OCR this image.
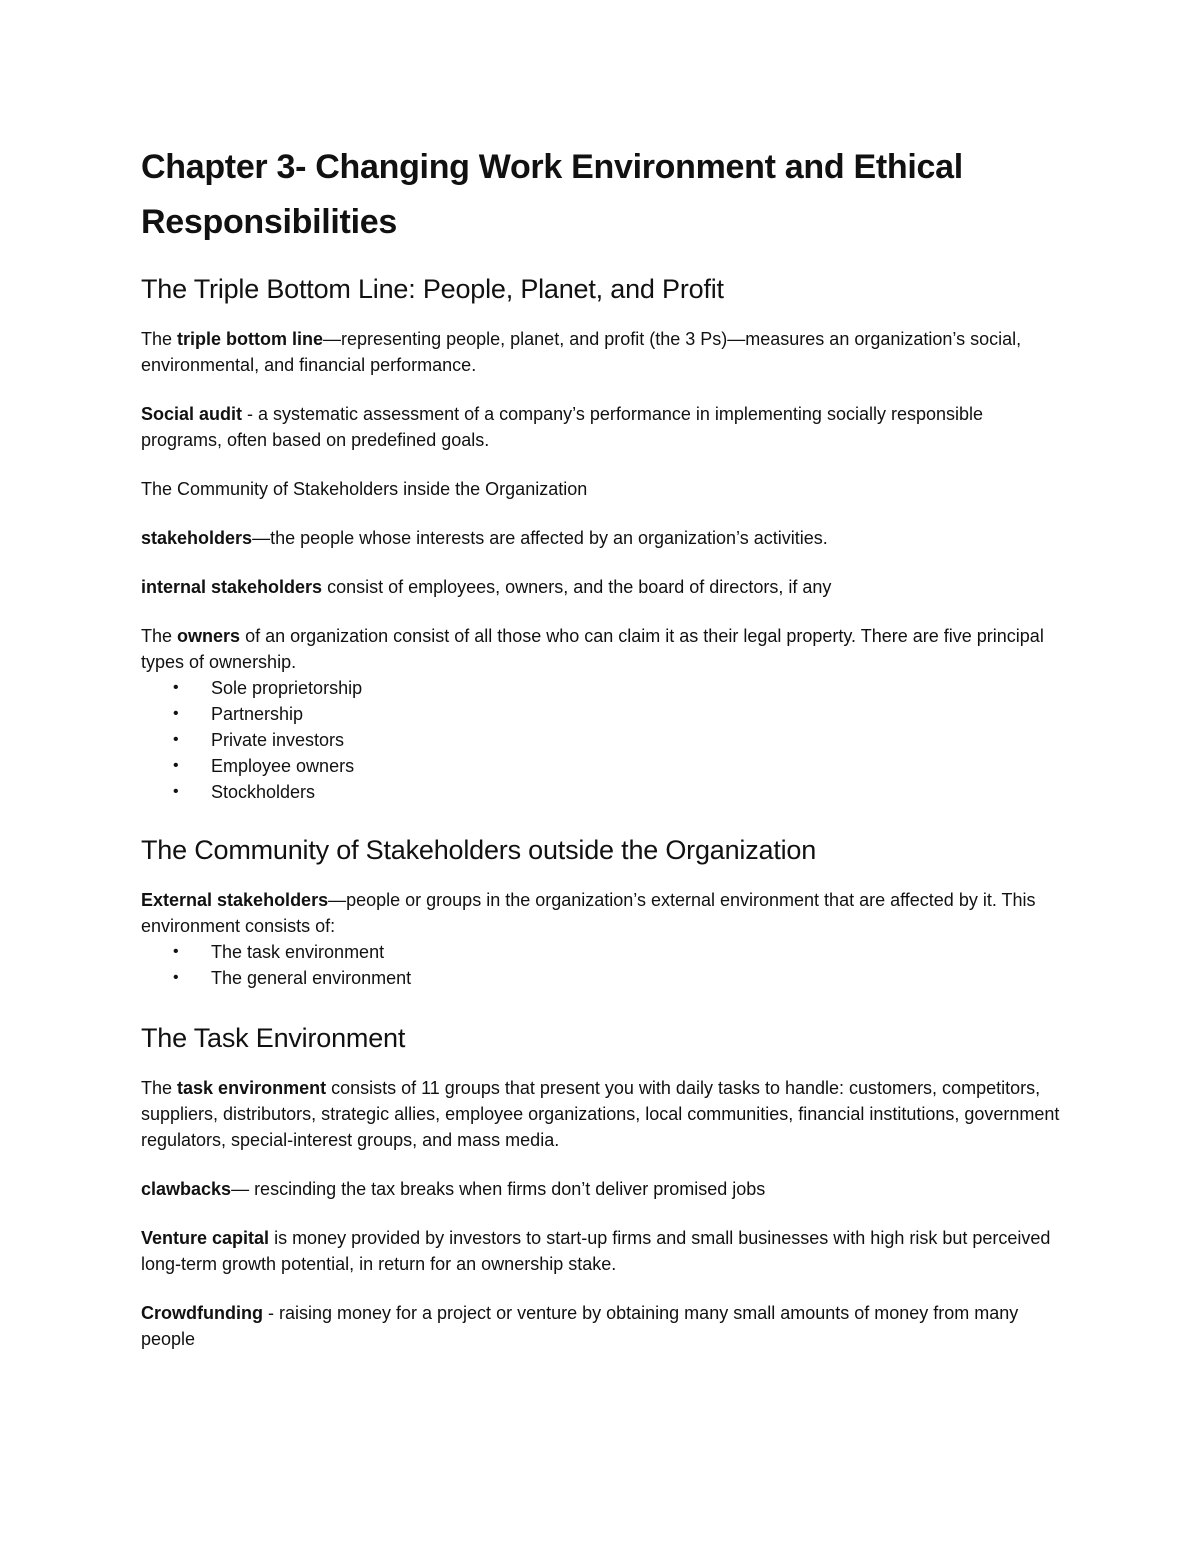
Chapter 3- Changing Work Environment and Ethical Responsibilities
The Triple Bottom Line: People, Planet, and Profit

The triple bottom line—representing people, planet, and profit (the 3 Ps)—measures an organization’s social, environmental, and financial performance.

Social audit - a systematic assessment of a company’s performance in implementing socially responsible programs, often based on predefined goals.

The Community of Stakeholders inside the Organization

stakeholders—the people whose interests are affected by an organization’s activities.

internal stakeholders consist of employees, owners, and the board of directors, if any

The owners of an organization consist of all those who can claim it as their legal property. There are five principal types of ownership.

• Sole proprietorship
• Partnership
• Private investors
• Employee owners
• Stockholders
The Community of Stakeholders outside the Organization

External stakeholders—people or groups in the organization’s external environment that are affected by it. This environment consists of:

• The task environment
• The general environment
The Task Environment

The task environment consists of 11 groups that present you with daily tasks to handle: customers, competitors, suppliers, distributors, strategic allies, employee organizations, local communities, financial institutions, government regulators, special-interest groups, and mass media.

clawbacks— rescinding the tax breaks when firms don’t deliver promised jobs

Venture capital is money provided by investors to start-up firms and small businesses with high risk but perceived long-term growth potential, in return for an ownership stake.

Crowdfunding - raising money for a project or venture by obtaining many small amounts of money from many people
